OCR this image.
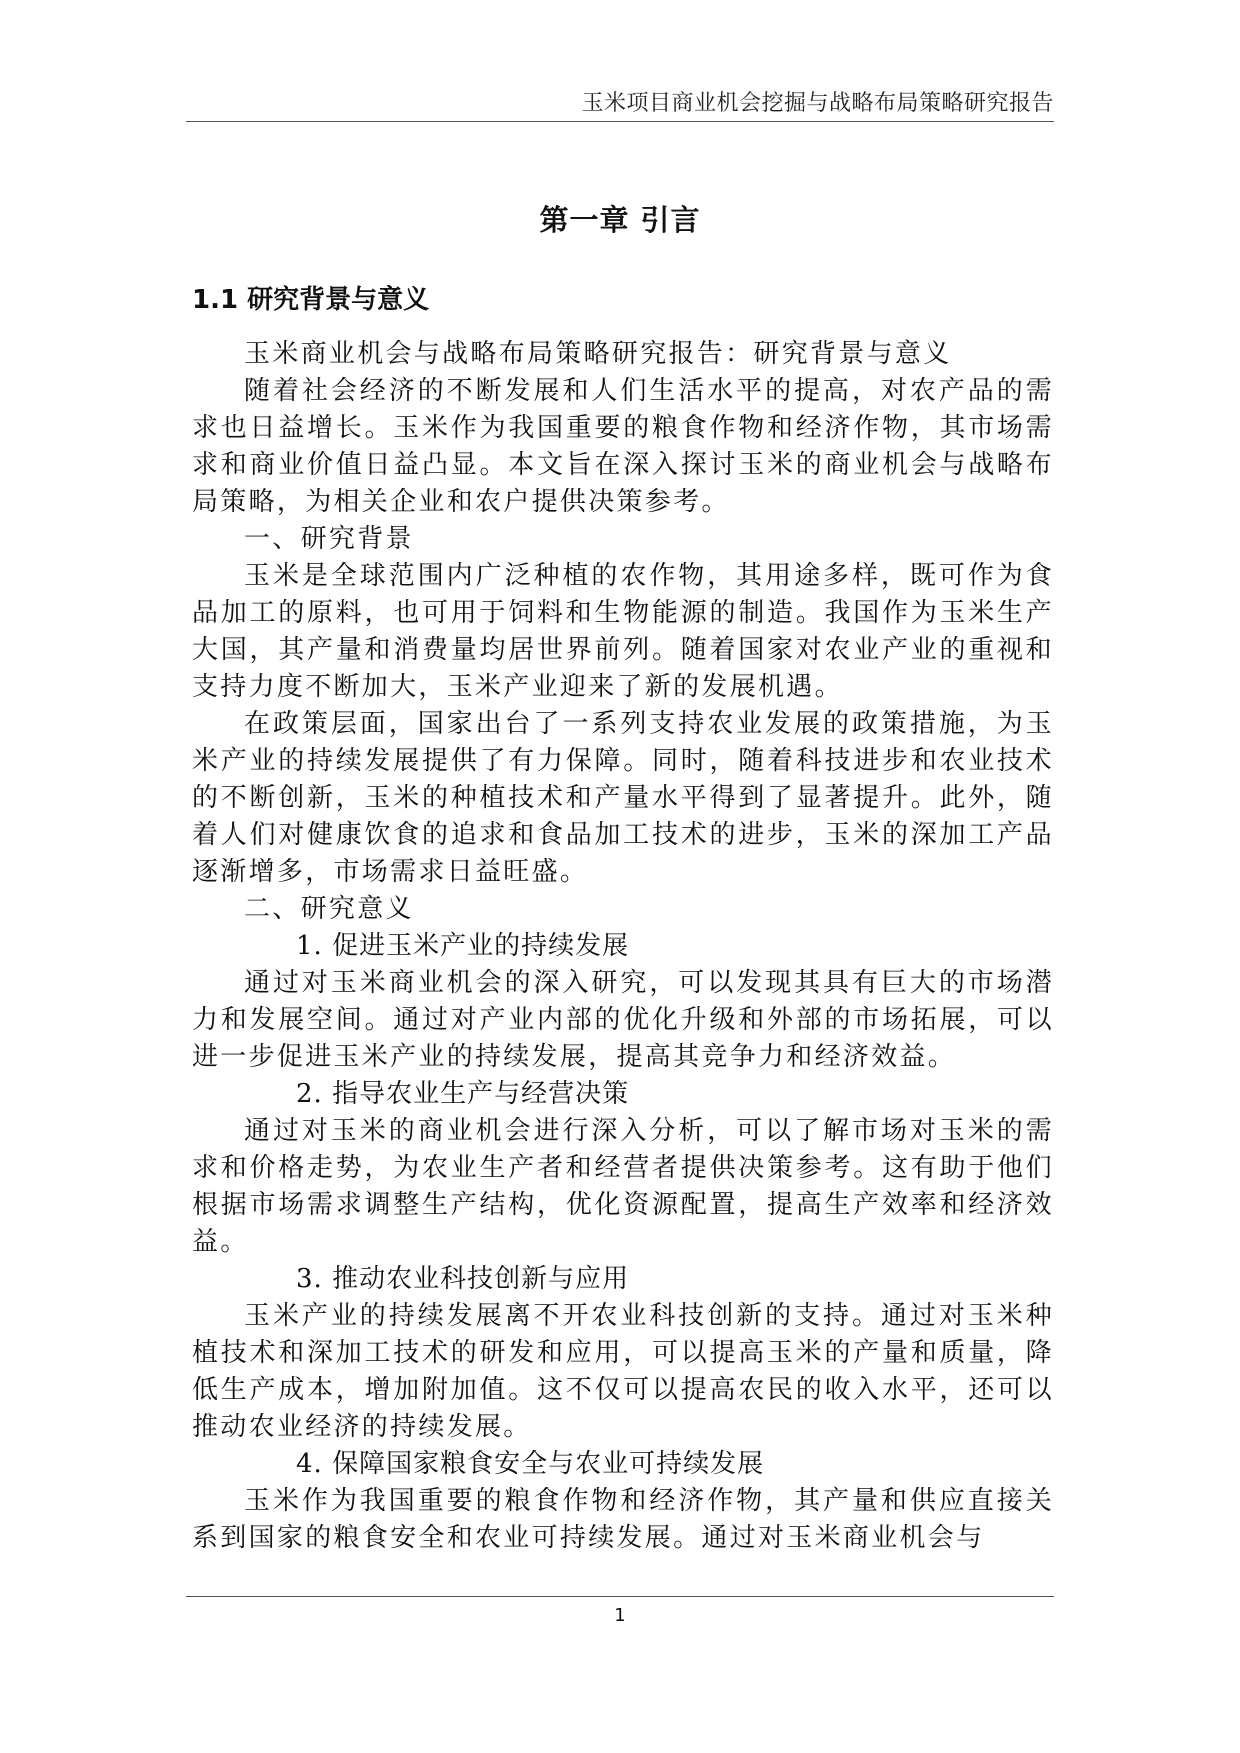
玉米项目商业机会挖掘与战略布局策略研究报告
第一章 引言
1.1 研究背景与意义

玉米商业机会与战略布局策略研究报告：研究背景与意义

随着社会经济的不断发展和人们生活水平的提高，对农产品的需求也日益增长。玉米作为我国重要的粮食作物和经济作物，其市场需求和商业价值日益凸显。本文旨在深入探讨玉米的商业机会与战略布局策略，为相关企业和农户提供决策参考。

一、研究背景

玉米是全球范围内广泛种植的农作物，其用途多样，既可作为食品加工的原料，也可用于饲料和生物能源的制造。我国作为玉米生产大国，其产量和消费量均居世界前列。随着国家对农业产业的重视和支持力度不断加大，玉米产业迎来了新的发展机遇。

在政策层面，国家出台了一系列支持农业发展的政策措施，为玉米产业的持续发展提供了有力保障。同时，随着科技进步和农业技术的不断创新，玉米的种植技术和产量水平得到了显著提升。此外，随着人们对健康饮食的追求和食品加工技术的进步，玉米的深加工产品逐渐增多，市场需求日益旺盛。

二、研究意义

1. 促进玉米产业的持续发展

通过对玉米商业机会的深入研究，可以发现其具有巨大的市场潜力和发展空间。通过对产业内部的优化升级和外部的市场拓展，可以进一步促进玉米产业的持续发展，提高其竞争力和经济效益。

2. 指导农业生产与经营决策

通过对玉米的商业机会进行深入分析，可以了解市场对玉米的需求和价格走势，为农业生产者和经营者提供决策参考。这有助于他们根据市场需求调整生产结构，优化资源配置，提高生产效率和经济效益。

3. 推动农业科技创新与应用

玉米产业的持续发展离不开农业科技创新的支持。通过对玉米种植技术和深加工技术的研发和应用，可以提高玉米的产量和质量，降低生产成本，增加附加值。这不仅可以提高农民的收入水平，还可以推动农业经济的持续发展。

4. 保障国家粮食安全与农业可持续发展

玉米作为我国重要的粮食作物和经济作物，其产量和供应直接关系到国家的粮食安全和农业可持续发展。通过对玉米商业机会与

1
